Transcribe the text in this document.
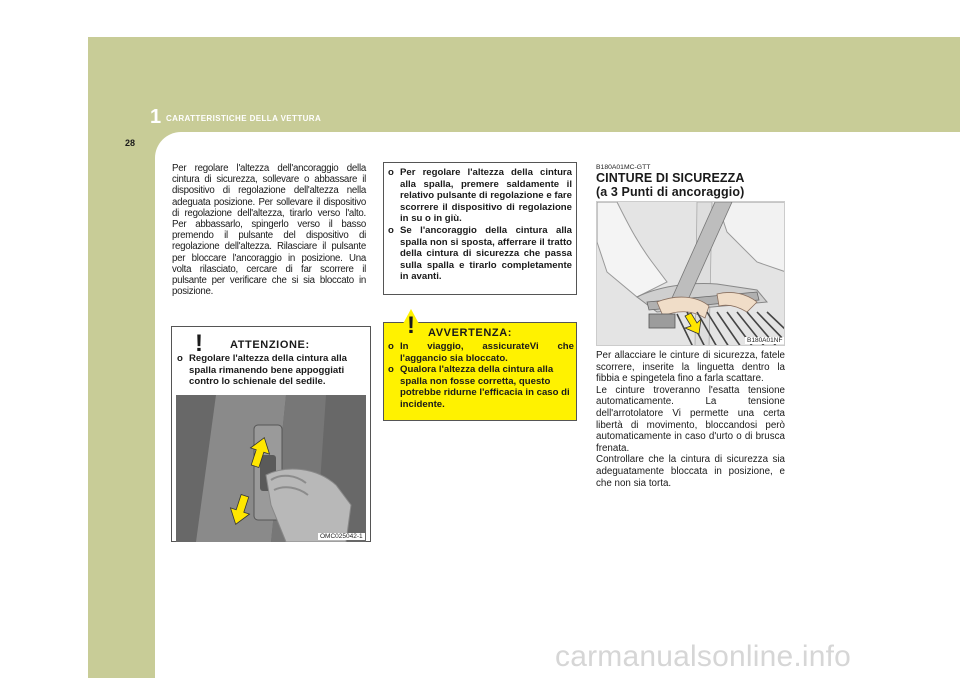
1 CARATTERISTICHE DELLA VETTURA
28

Per regolare l'altezza dell'ancoraggio della cintura di sicurezza, sollevare o abbassare il dispositivo di regolazione dell'altezza nella adeguata posizione. Per sollevare il dispositivo di regolazione dell'altezza, tirarlo verso l'alto. Per abbassarlo, spingerlo verso il basso premendo il pulsante del dispositivo di regolazione dell'altezza. Rilasciare il pulsante per bloccare l'ancoraggio in posizione. Una volta rilasciato, cercare di far scorrere il pulsante per verificare che si sia bloccato in posizione.

! ATTENZIONE:
o Regolare l'altezza della cintura alla spalla rimanendo bene appoggiati contro lo schienale del sedile.
OMC025042-1
o Per regolare l'altezza della cintura alla spalla, premere saldamente il relativo pulsante di regolazione e fare scorrere il dispositivo di regolazione in su o in giù.
o Se l'ancoraggio della cintura alla spalla non si sposta, afferrare il tratto della cintura di sicurezza che passa sulla spalla e tirarlo completamente in avanti.
! AVVERTENZA:
o In viaggio, assicurateVi che l'aggancio sia bloccato.
o Qualora l'altezza della cintura alla spalla non fosse corretta, questo potrebbe ridurne l'efficacia in caso di incidente.
B180A01MC-GTT
CINTURE DI SICUREZZA
(a 3 Punti di ancoraggio)
B180A01NF

Per allacciare le cinture di sicurezza, fatele scorrere, inserite la linguetta dentro la fibbia e spingetela fino a farla scattare.

Le cinture troveranno l'esatta tensione automaticamente. La tensione dell'arrotolatore Vi permette una certa libertà di movimento, bloccandosi però automaticamente in caso d'urto o di brusca frenata.

Controllare che la cintura di sicurezza sia adeguatamente bloccata in posizione, e che non sia torta.

carmanualsonline.info
